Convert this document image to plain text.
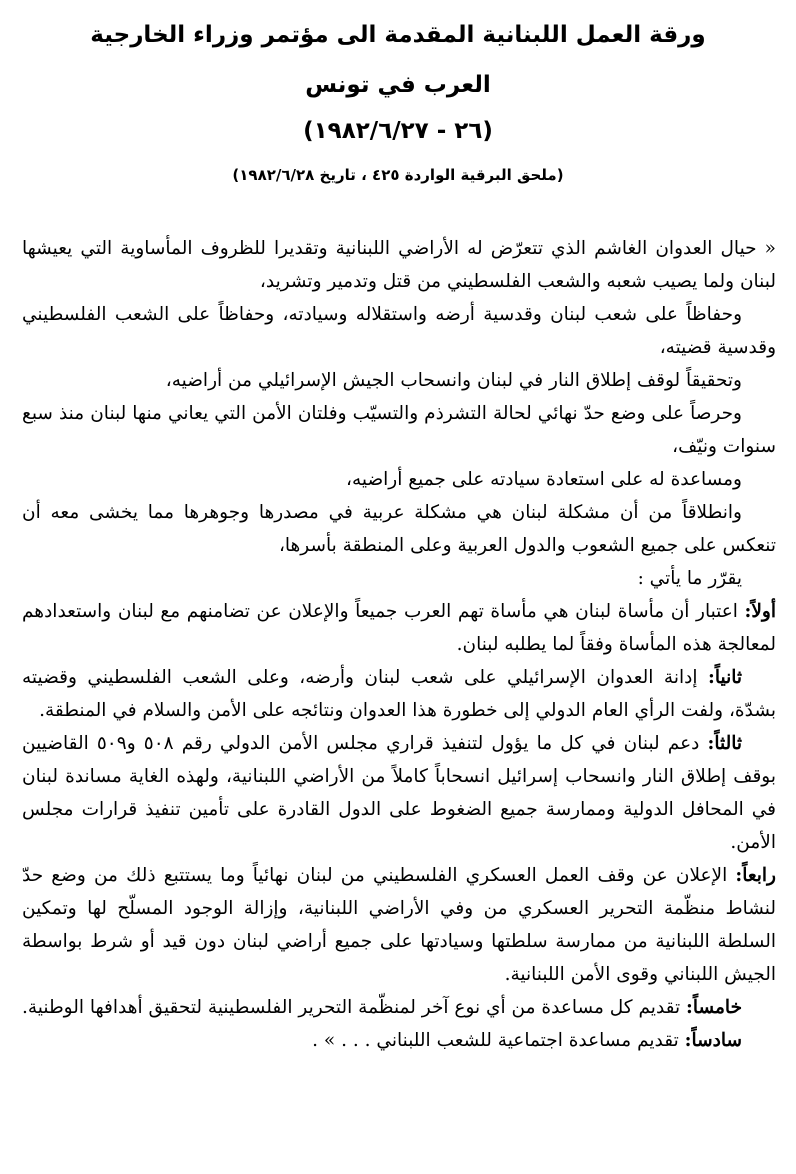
ورقة العمل اللبنانية المقدمة الى مؤتمر وزراء الخارجية
العرب في تونس
(٢٦ - ١٩٨٢/٦/٢٧)
(ملحق البرقية الواردة ٤٢٥ ، تاريخ ١٩٨٢/٦/٢٨)

« حيال العدوان الغاشم الذي تتعرّض له الأراضي اللبنانية وتقديرا للظروف المأساوية التي يعيشها لبنان ولما يصيب شعبه والشعب الفلسطيني من قتل وتدمير وتشريد،

وحفاظاً على شعب لبنان وقدسية أرضه واستقلاله وسيادته، وحفاظاً على الشعب الفلسطيني وقدسية قضيته،

وتحقيقاً لوقف إطلاق النار في لبنان وانسحاب الجيش الإسرائيلي من أراضيه،

وحرصاً على وضع حدّ نهائي لحالة التشرذم والتسيّب وفلتان الأمن التي يعاني منها لبنان منذ سبع سنوات ونيّف،

ومساعدة له على استعادة سيادته على جميع أراضيه،

وانطلاقاً من أن مشكلة لبنان هي مشكلة عربية في مصدرها وجوهرها مما يخشى معه أن تنعكس على جميع الشعوب والدول العربية وعلى المنطقة بأسرها،

يقرّر ما يأتي :

أولاً: اعتبار أن مأساة لبنان هي مأساة تهم العرب جميعاً والإعلان عن تضامنهم مع لبنان واستعدادهم لمعالجة هذه المأساة وفقاً لما يطلبه لبنان.

ثانياً: إدانة العدوان الإسرائيلي على شعب لبنان وأرضه، وعلى الشعب الفلسطيني وقضيته بشدّة، ولفت الرأي العام الدولي إلى خطورة هذا العدوان ونتائجه على الأمن والسلام في المنطقة.

ثالثاً: دعم لبنان في كل ما يؤول لتنفيذ قراري مجلس الأمن الدولي رقم ٥٠٨ و٥٠٩ القاضيين بوقف إطلاق النار وانسحاب إسرائيل انسحاباً كاملاً من الأراضي اللبنانية، ولهذه الغاية مساندة لبنان في المحافل الدولية وممارسة جميع الضغوط على الدول القادرة على تأمين تنفيذ قرارات مجلس الأمن.

رابعاً: الإعلان عن وقف العمل العسكري الفلسطيني من لبنان نهائياً وما يستتبع ذلك من وضع حدّ لنشاط منظّمة التحرير العسكري من وفي الأراضي اللبنانية، وإزالة الوجود المسلّح لها وتمكين السلطة اللبنانية من ممارسة سلطتها وسيادتها على جميع أراضي لبنان دون قيد أو شرط بواسطة الجيش اللبناني وقوى الأمن اللبنانية.

خامساً: تقديم كل مساعدة من أي نوع آخر لمنظّمة التحرير الفلسطينية لتحقيق أهدافها الوطنية.

سادساً: تقديم مساعدة اجتماعية للشعب اللبناني . . . » .
